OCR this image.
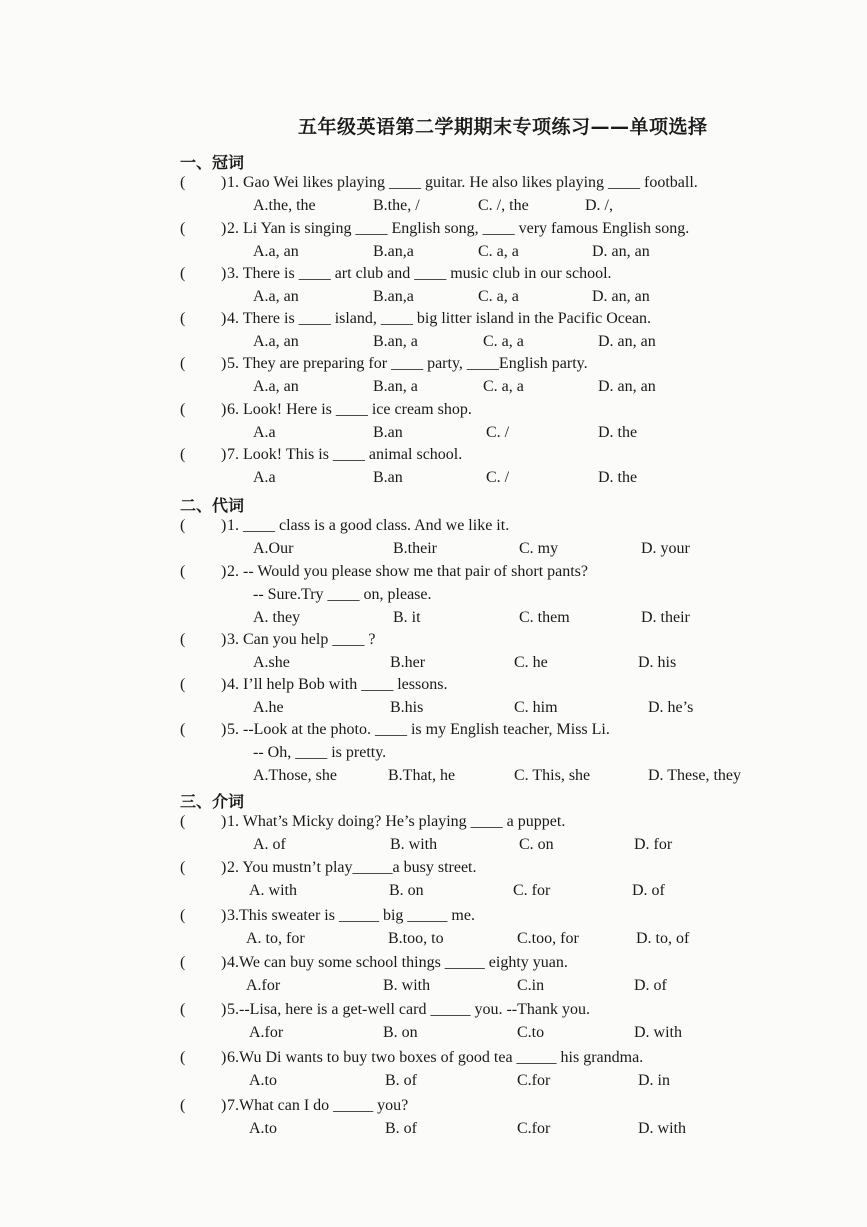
五年级英语第二学期期末专项练习——单项选择
一、冠词
( ) 1. Gao Wei likes playing ____ guitar. He also likes playing ____ football.
A.the, the	B.the, /	C. /, the	D. /,
( ) 2. Li Yan is singing ____ English song, ____ very famous English song.
A.a, an	B.an,a	C. a, a	D. an, an
( ) 3. There is ____ art club and ____ music club in our school.
A.a, an	B.an,a	C. a, a	D. an, an
( ) 4. There is ____ island, ____ big litter island in the Pacific Ocean.
A.a, an	B.an, a	C. a, a	D. an, an
( ) 5. They are preparing for ____ party, ____English party.
A.a, an	B.an, a	C. a, a	D. an, an
( ) 6. Look! Here is ____ ice cream shop.
A.a	B.an	C. /	D. the
( ) 7. Look! This is ____ animal school.
A.a	B.an	C. /	D. the
二、代词
( ) 1. ____ class is a good class. And we like it.
A.Our	B.their	C. my	D. your
( ) 2. -- Would you please show me that pair of short pants?
-- Sure.Try ____ on, please.
A. they	B. it	C. them	D. their
( ) 3. Can you help ____ ?
A.she	B.her	C. he	D. his
( ) 4. I’ll help Bob with ____ lessons.
A.he	B.his	C. him	D. he’s
( ) 5. --Look at the photo. ____ is my English teacher, Miss Li.
-- Oh, ____ is pretty.
A.Those, she	B.That, he	C. This, she	D. These, they
三、介词
( ) 1. What’s Micky doing? He’s playing ____ a puppet.
A. of	B. with	C. on	D. for
( ) 2. You mustn’t play_____a busy street.
A. with	B. on	C. for	D. of
( ) 3.This sweater is _____ big _____ me.
A. to, for	B.too, to	C.too, for	D. to, of
( ) 4.We can buy some school things _____ eighty yuan.
A.for	B. with	C.in	D. of
( ) 5.--Lisa, here is a get-well card _____ you. --Thank you.
A.for	B. on	C.to	D. with
( ) 6.Wu Di wants to buy two boxes of good tea _____ his grandma.
A.to	B. of	C.for	D. in
( ) 7.What can I do _____ you?
A.to	B. of	C.for	D. with
